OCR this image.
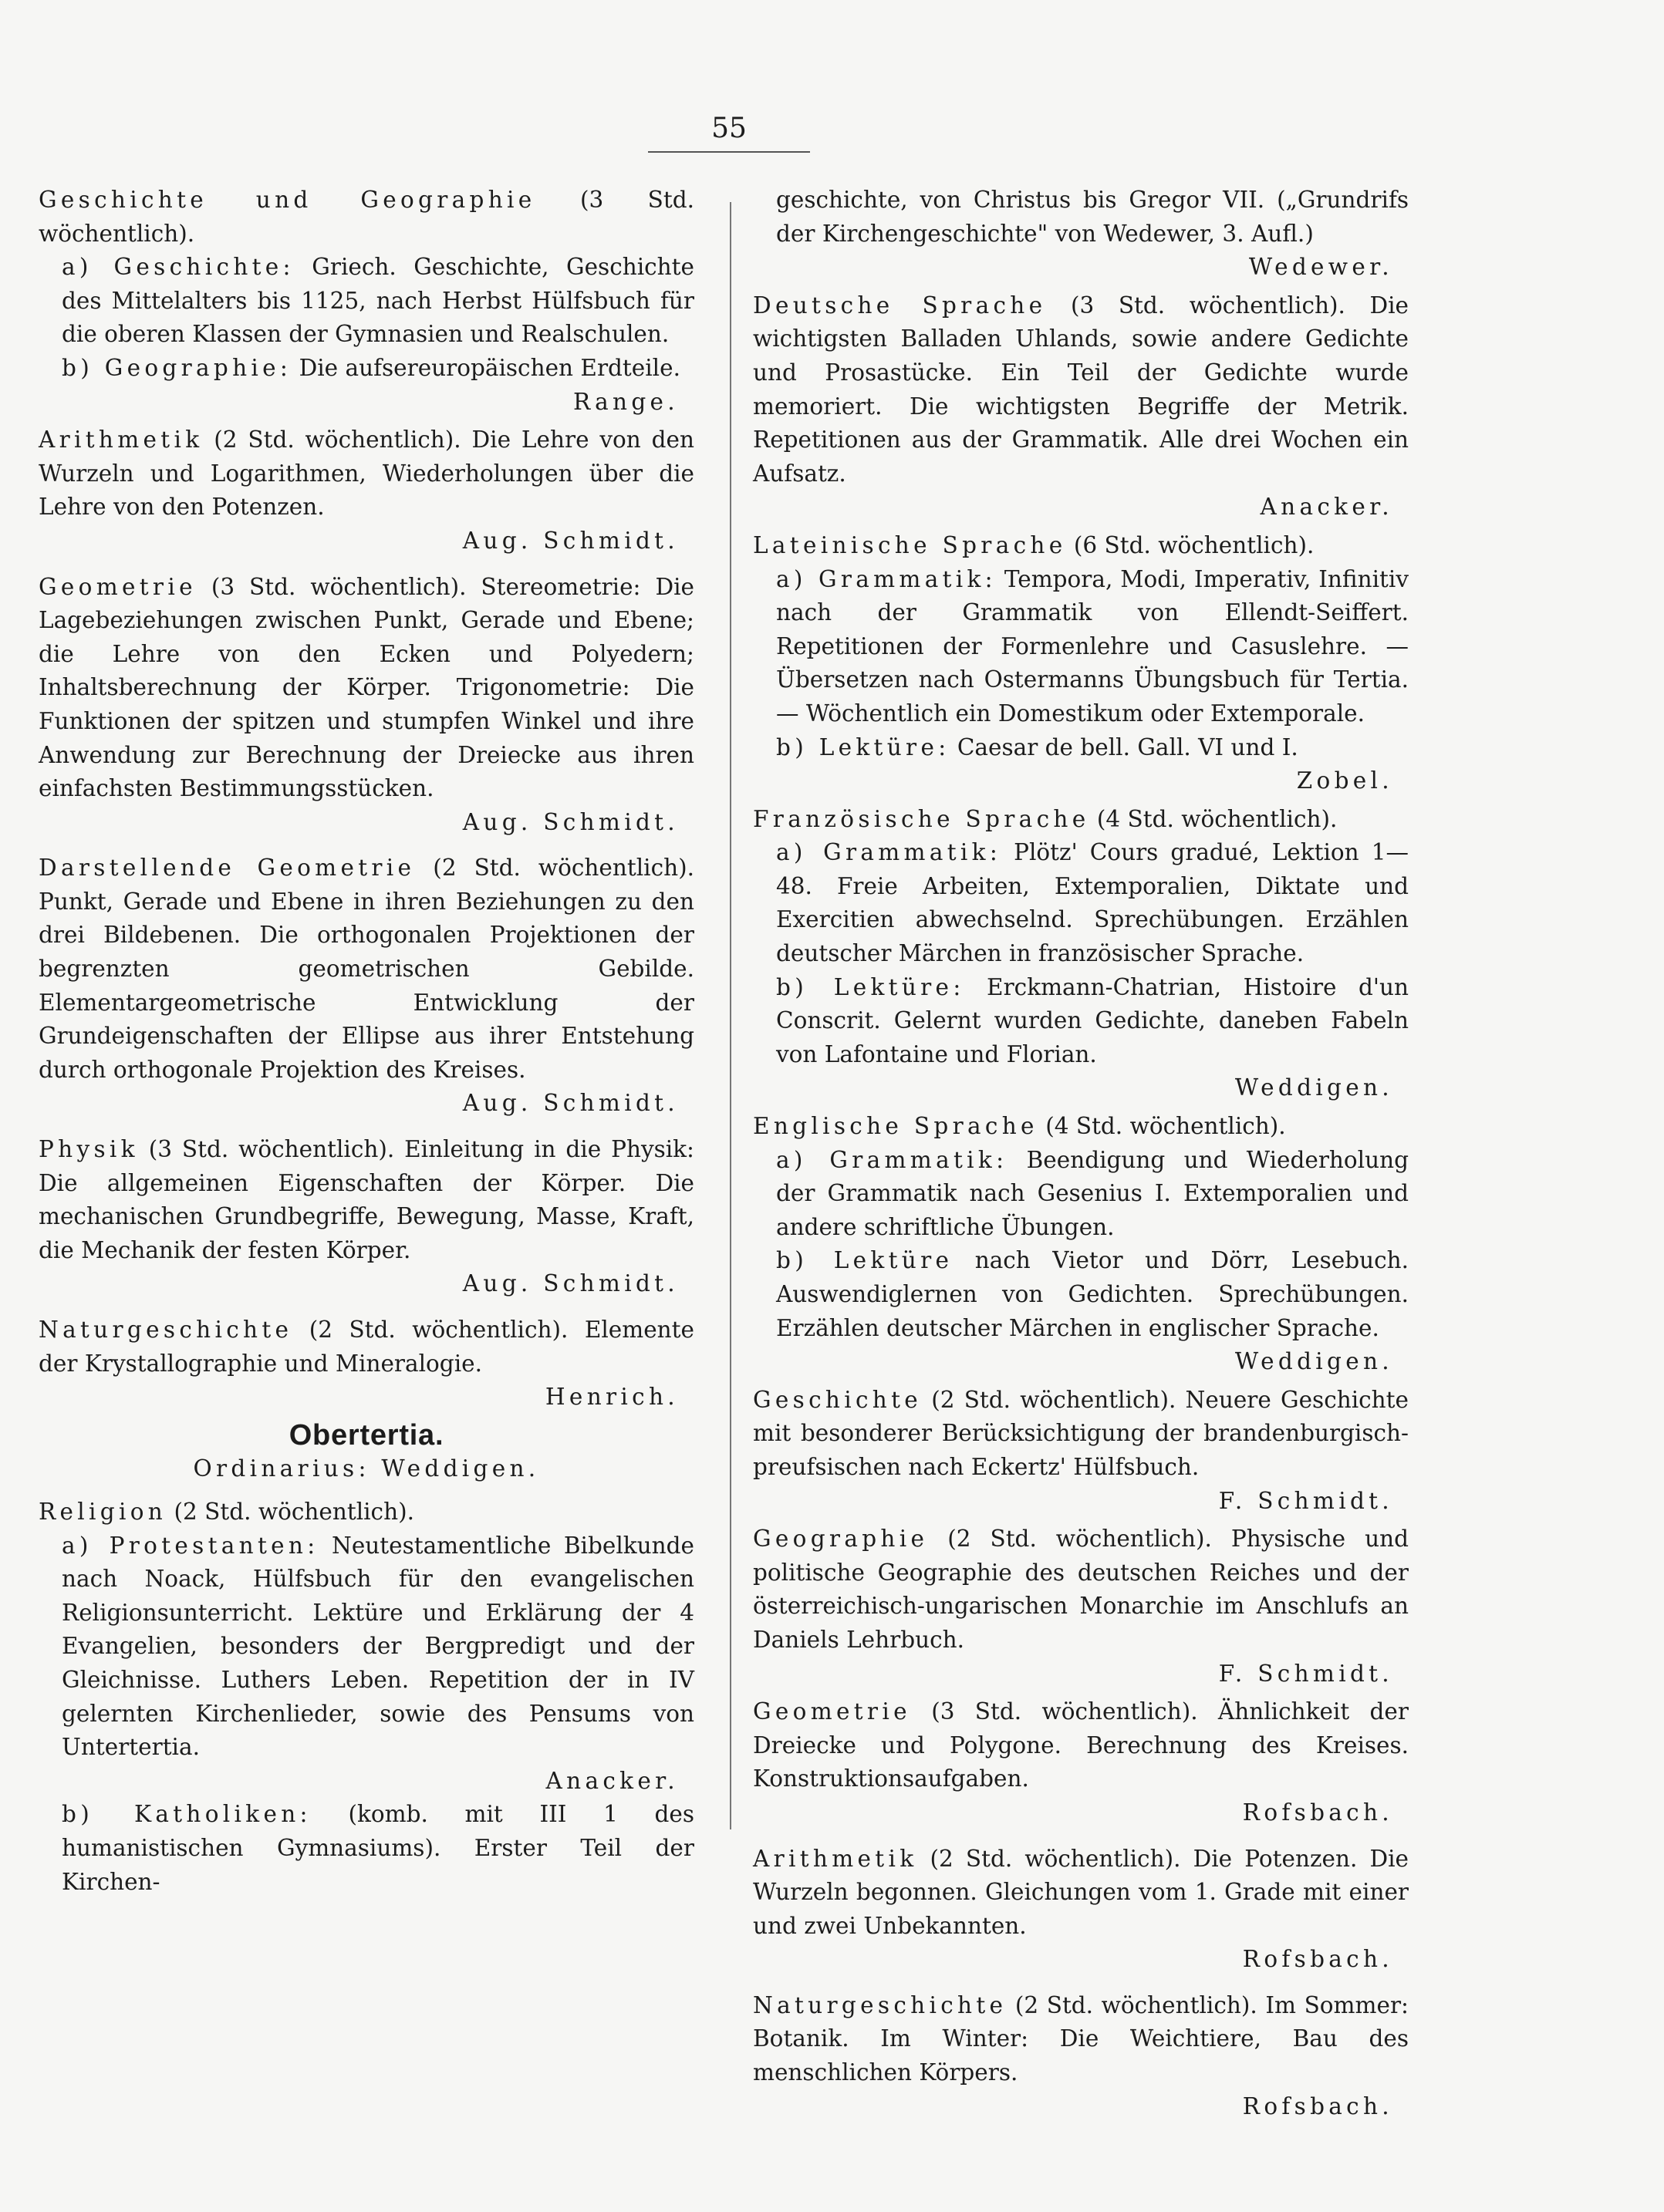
55

Geschichte und Geographie (3 Std. wöchentlich).

a) Geschichte: Griech. Geschichte, Geschichte des Mittelalters bis 1125, nach Herbst Hülfsbuch für die oberen Klassen der Gymnasien und Realschulen.

b) Geographie: Die aufsereuropäischen Erdteile.

Range.

Arithmetik (2 Std. wöchentlich). Die Lehre von den Wurzeln und Logarithmen, Wiederholungen über die Lehre von den Potenzen.

Aug. Schmidt.

Geometrie (3 Std. wöchentlich). Stereometrie: Die Lagebeziehungen zwischen Punkt, Gerade und Ebene; die Lehre von den Ecken und Polyedern; Inhaltsberechnung der Körper. Trigonometrie: Die Funktionen der spitzen und stumpfen Winkel und ihre Anwendung zur Berechnung der Dreiecke aus ihren einfachsten Bestimmungsstücken.

Aug. Schmidt.

Darstellende Geometrie (2 Std. wöchentlich). Punkt, Gerade und Ebene in ihren Beziehungen zu den drei Bildebenen. Die orthogonalen Projektionen der begrenzten geometrischen Gebilde. Elementargeometrische Entwicklung der Grundeigenschaften der Ellipse aus ihrer Entstehung durch orthogonale Projektion des Kreises.

Aug. Schmidt.

Physik (3 Std. wöchentlich). Einleitung in die Physik: Die allgemeinen Eigenschaften der Körper. Die mechanischen Grundbegriffe, Bewegung, Masse, Kraft, die Mechanik der festen Körper.

Aug. Schmidt.

Naturgeschichte (2 Std. wöchentlich). Elemente der Krystallographie und Mineralogie.

Henrich.

Obertertia.

Ordinarius: Weddigen.

Religion (2 Std. wöchentlich).

a) Protestanten: Neutestamentliche Bibelkunde nach Noack, Hülfsbuch für den evangelischen Religionsunterricht. Lektüre und Erklärung der 4 Evangelien, besonders der Bergpredigt und der Gleichnisse. Luthers Leben. Repetition der in IV gelernten Kirchenlieder, sowie des Pensums von Untertertia.

Anacker.

b) Katholiken: (komb. mit III 1 des humanistischen Gymnasiums). Erster Teil der Kirchen-

geschichte, von Christus bis Gregor VII. („Grundrifs der Kirchengeschichte" von Wedewer, 3. Aufl.)

Wedewer.

Deutsche Sprache (3 Std. wöchentlich). Die wichtigsten Balladen Uhlands, sowie andere Gedichte und Prosastücke. Ein Teil der Gedichte wurde memoriert. Die wichtigsten Begriffe der Metrik. Repetitionen aus der Grammatik. Alle drei Wochen ein Aufsatz.

Anacker.

Lateinische Sprache (6 Std. wöchentlich).

a) Grammatik: Tempora, Modi, Imperativ, Infinitiv nach der Grammatik von Ellendt-Seiffert. Repetitionen der Formenlehre und Casuslehre. — Übersetzen nach Ostermanns Übungsbuch für Tertia. — Wöchentlich ein Domestikum oder Extemporale.

b) Lektüre: Caesar de bell. Gall. VI und I.

Zobel.

Französische Sprache (4 Std. wöchentlich).

a) Grammatik: Plötz' Cours gradué, Lektion 1—48. Freie Arbeiten, Extemporalien, Diktate und Exercitien abwechselnd. Sprechübungen. Erzählen deutscher Märchen in französischer Sprache.

b) Lektüre: Erckmann-Chatrian, Histoire d'un Conscrit. Gelernt wurden Gedichte, daneben Fabeln von Lafontaine und Florian.

Weddigen.

Englische Sprache (4 Std. wöchentlich).

a) Grammatik: Beendigung und Wiederholung der Grammatik nach Gesenius I. Extemporalien und andere schriftliche Übungen.

b) Lektüre nach Vietor und Dörr, Lesebuch. Auswendiglernen von Gedichten. Sprechübungen. Erzählen deutscher Märchen in englischer Sprache.

Weddigen.

Geschichte (2 Std. wöchentlich). Neuere Geschichte mit besonderer Berücksichtigung der brandenburgisch-preufsischen nach Eckertz' Hülfsbuch.

F. Schmidt.

Geographie (2 Std. wöchentlich). Physische und politische Geographie des deutschen Reiches und der österreichisch-ungarischen Monarchie im Anschlufs an Daniels Lehrbuch.

F. Schmidt.

Geometrie (3 Std. wöchentlich). Ähnlichkeit der Dreiecke und Polygone. Berechnung des Kreises. Konstruktionsaufgaben.

Rofsbach.

Arithmetik (2 Std. wöchentlich). Die Potenzen. Die Wurzeln begonnen. Gleichungen vom 1. Grade mit einer und zwei Unbekannten.

Rofsbach.

Naturgeschichte (2 Std. wöchentlich). Im Sommer: Botanik. Im Winter: Die Weichtiere, Bau des menschlichen Körpers.

Rofsbach.
